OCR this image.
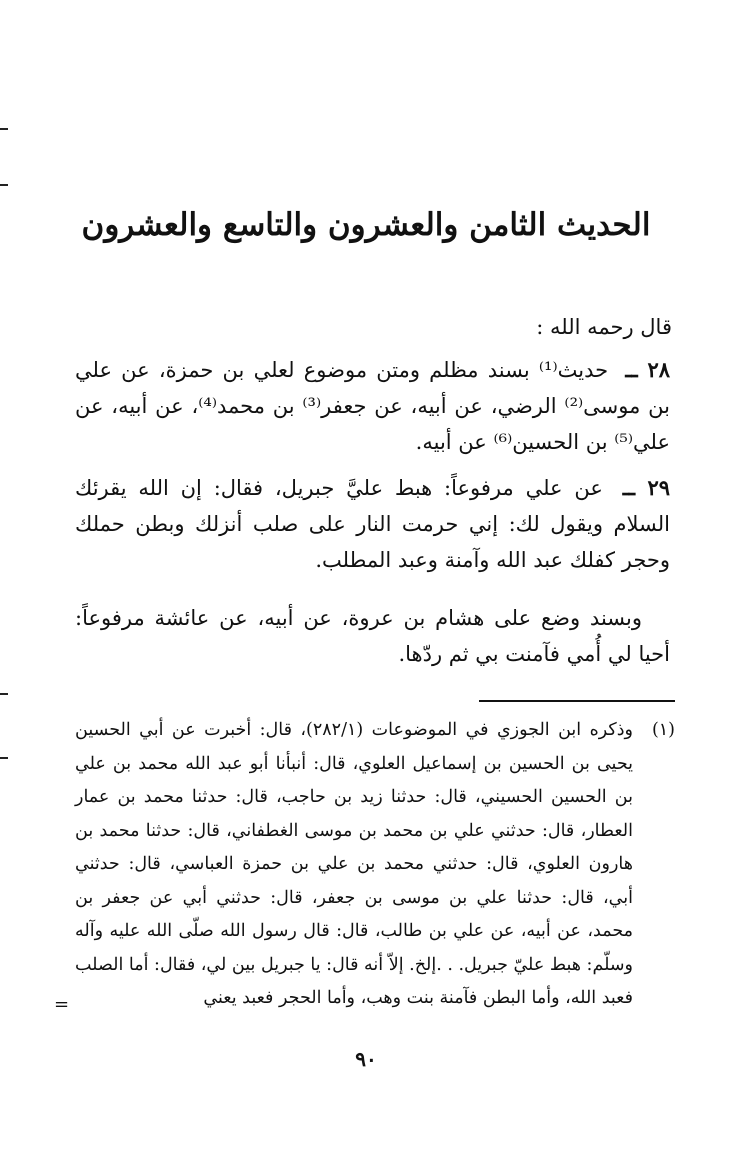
الحديث الثامن والعشرون والتاسع والعشرون
قال رحمه الله :
٢٨ ــ حديث⁽¹⁾ بسند مظلم ومتن موضوع لعلي بن حمزة، عن علي بن موسى⁽²⁾ الرضي، عن أبيه، عن جعفر⁽³⁾ بن محمد⁽⁴⁾، عن أبيه، عن علي⁽⁵⁾ بن الحسين⁽⁶⁾ عن أبيه.
٢٩ ــ عن علي مرفوعاً: هبط عليَّ جبريل، فقال: إن الله يقرئك السلام ويقول لك: إني حرمت النار على صلب أنزلك وبطن حملك وحجر كفلك عبد الله وآمنة وعبد المطلب.
وبسند وضع على هشام بن عروة، عن أبيه، عن عائشة مرفوعاً: أحيا لي أُمي فآمنت بي ثم ردّها.
(١)
وذكره ابن الجوزي في الموضوعات (٢٨٢/١)، قال: أخبرت عن أبي الحسين يحيى بن الحسين بن إسماعيل العلوي، قال: أنبأنا أبو عبد الله محمد بن علي بن الحسين الحسيني، قال: حدثنا زيد بن حاجب، قال: حدثنا محمد بن عمار العطار، قال: حدثني علي بن محمد بن موسى الغطفاني، قال: حدثنا محمد بن هارون العلوي، قال: حدثني محمد بن علي بن حمزة العباسي، قال: حدثني أبي، قال: حدثنا علي بن موسى بن جعفر، قال: حدثني أبي عن جعفر بن محمد، عن أبيه، عن علي بن طالب، قال: قال رسول الله صلّى الله عليه وآله وسلّم: هبط عليّ جبريل. . .إلخ. إلاّ أنه قال: يا جبريل بين لي، فقال: أما الصلب فعبد الله، وأما البطن فآمنة بنت وهب، وأما الحجر فعبد يعني
=
٩٠
